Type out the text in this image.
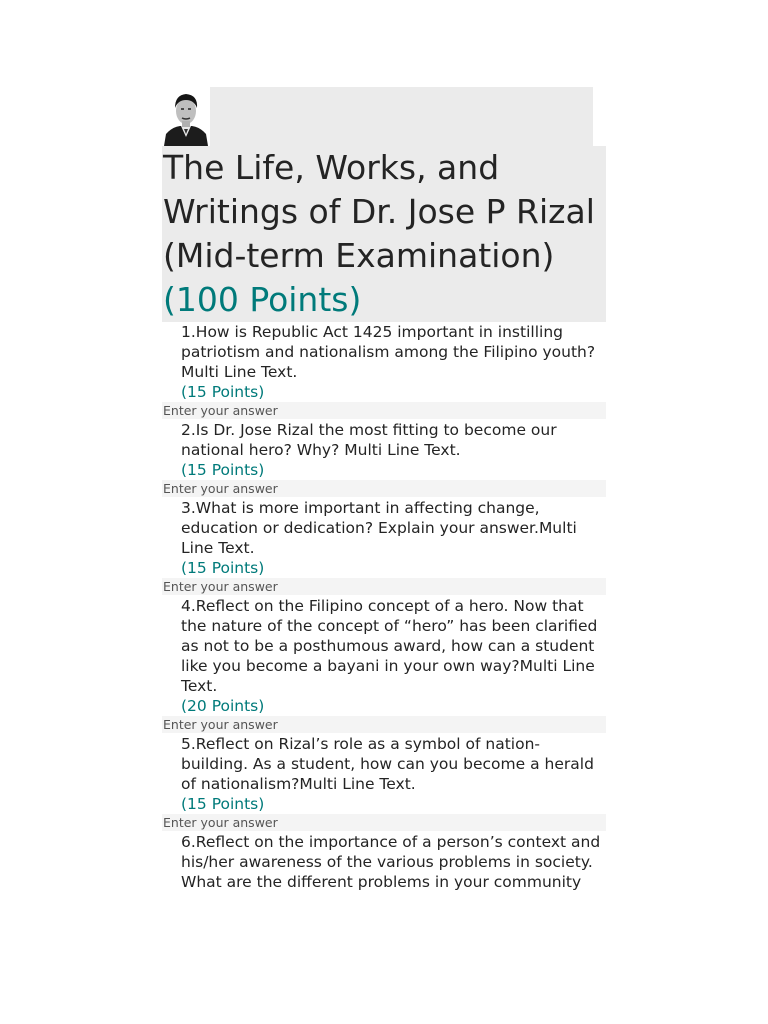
The Life, Works, and Writings of Dr. Jose P Rizal (Mid-term Examination)(100 Points)
1.How is Republic Act 1425 important in instilling patriotism and nationalism among the Filipino youth?Multi Line Text.
(15 Points)
Enter your answer
2.Is Dr. Jose Rizal the most fitting to become our national hero? Why? Multi Line Text.
(15 Points)
Enter your answer
3.What is more important in affecting change, education or dedication? Explain your answer.Multi Line Text.
(15 Points)
Enter your answer
4.Reflect on the Filipino concept of a hero. Now that the nature of the concept of “hero” has been clarified as not to be a posthumous award, how can a student like you become a bayani in your own way?Multi Line Text.
(20 Points)
Enter your answer
5.Reflect on Rizal’s role as a symbol of nation-building. As a student, how can you become a herald of nationalism?Multi Line Text.
(15 Points)
Enter your answer
6.Reflect on the importance of a person’s context and his/her awareness of the various problems in society. What are the different problems in your community
